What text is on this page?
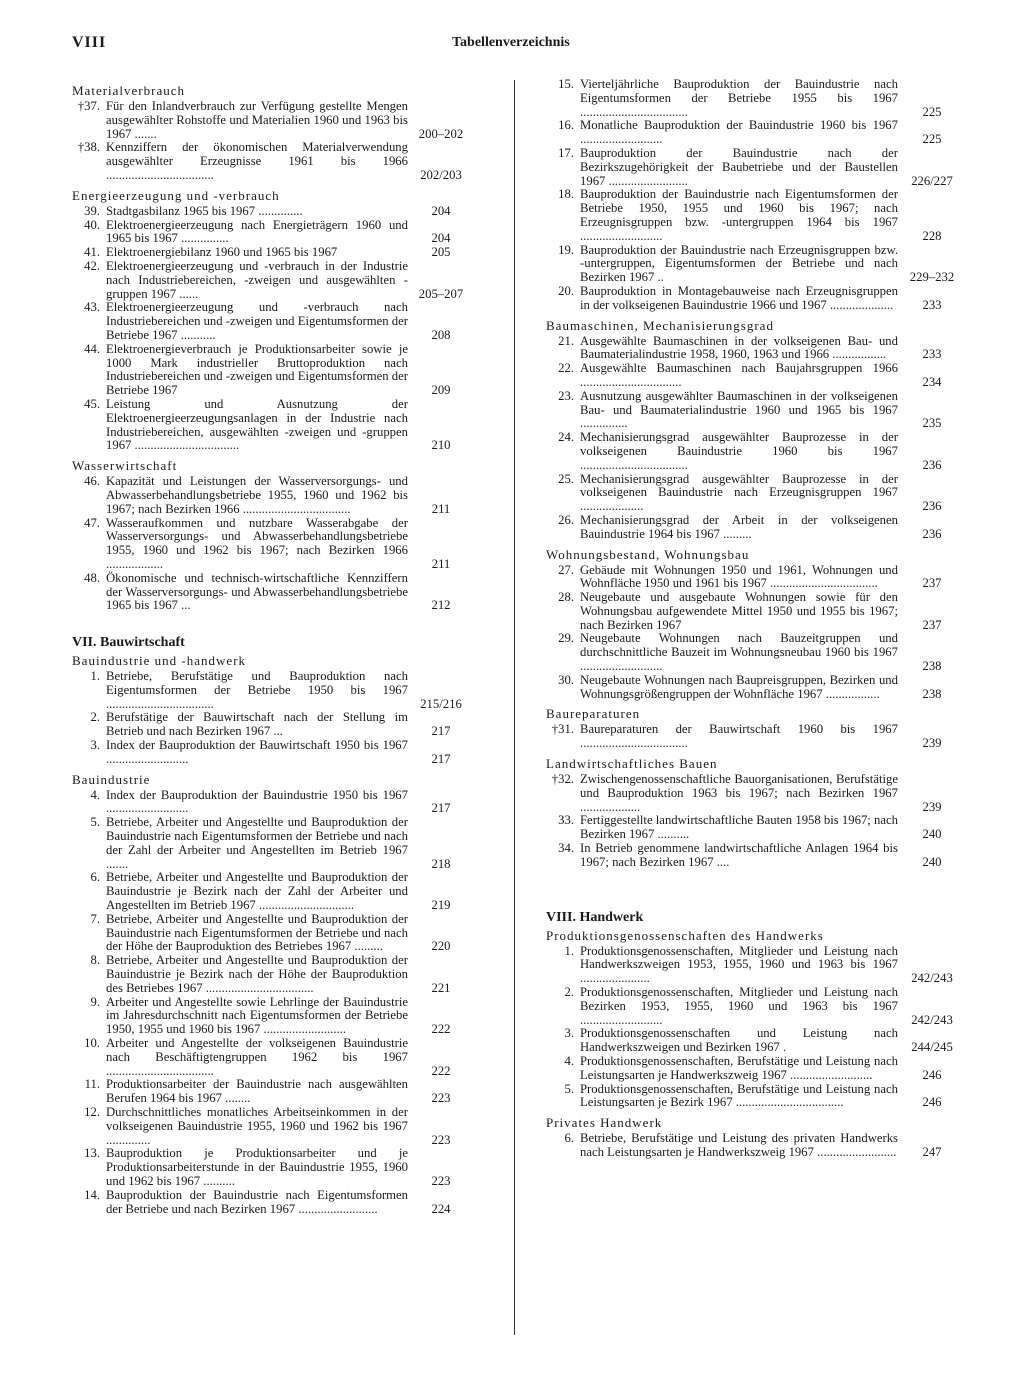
VIII	Tabellenverzeichnis
Materialverbrauch
†37. Für den Inlandverbrauch zur Verfügung gestellte Mengen ausgewählter Rohstoffe und Materialien 1960 und 1963 bis 1967 .......	200–202
†38. Kennziffern der ökonomischen Materialverwendung ausgewählter Erzeugnisse 1961 bis 1966 ..................................	202/203
Energieerzeugung und -verbrauch
39. Stadtgasbilanz 1965 bis 1967 ..............	204
40. Elektroenergieerzeugung nach Energieträgern 1960 und 1965 bis 1967 ...............	204
41. Elektroenergiebilanz 1960 und 1965 bis 1967	205
42. Elektroenergieerzeugung und -verbrauch in der Industrie nach Industriebereichen, -zweigen und ausgewählten -gruppen 1967 ......	205–207
43. Elektroenergieerzeugung und -verbrauch nach Industriebereichen und -zweigen und Eigentumsformen der Betriebe 1967 ...........	208
44. Elektroenergieverbrauch je Produktionsarbeiter sowie je 1000 Mark industrieller Bruttoproduktion nach Industriebereichen und -zweigen und Eigentumsformen der Betriebe 1967	209
45. Leistung und Ausnutzung der Elektroenergieerzeugungsanlagen in der Industrie nach Industriebereichen, ausgewählten -zweigen und -gruppen 1967 .................................	210
Wasserwirtschaft
46. Kapazität und Leistungen der Wasserversorgungs- und Abwasserbehandlungsbetriebe 1955, 1960 und 1962 bis 1967; nach Bezirken 1966 ..................................	211
47. Wasseraufkommen und nutzbare Wasserabgabe der Wasserversorgungs- und Abwasserbehandlungsbetriebe 1955, 1960 und 1962 bis 1967; nach Bezirken 1966 ..................	211
48. Ökonomische und technisch-wirtschaftliche Kennziffern der Wasserversorgungs- und Abwasserbehandlungsbetriebe 1965 bis 1967 ...	212
VII. Bauwirtschaft
Bauindustrie und -handwerk
1. Betriebe, Berufstätige und Bauproduktion nach Eigentumsformen der Betriebe 1950 bis 1967 ..................................	215/216
2. Berufstätige der Bauwirtschaft nach der Stellung im Betrieb und nach Bezirken 1967 ...	217
3. Index der Bauproduktion der Bauwirtschaft 1950 bis 1967 ..........................	217
Bauindustrie
4. Index der Bauproduktion der Bauindustrie 1950 bis 1967 ..........................	217
5. Betriebe, Arbeiter und Angestellte und Bauproduktion der Bauindustrie nach Eigentumsformen der Betriebe und nach der Zahl der Arbeiter und Angestellten im Betrieb 1967 .......	218
6. Betriebe, Arbeiter und Angestellte und Bauproduktion der Bauindustrie je Bezirk nach der Zahl der Arbeiter und Angestellten im Betrieb 1967 ..............................	219
7. Betriebe, Arbeiter und Angestellte und Bauproduktion der Bauindustrie nach Eigentumsformen der Betriebe und nach der Höhe der Bauproduktion des Betriebes 1967 .........	220
8. Betriebe, Arbeiter und Angestellte und Bauproduktion der Bauindustrie je Bezirk nach der Höhe der Bauproduktion des Betriebes 1967 ..................................	221
9. Arbeiter und Angestellte sowie Lehrlinge der Bauindustrie im Jahresdurchschnitt nach Eigentumsformen der Betriebe 1950, 1955 und 1960 bis 1967 ..........................	222
10. Arbeiter und Angestellte der volkseigenen Bauindustrie nach Beschäftigtengruppen 1962 bis 1967 ..................................	222
11. Produktionsarbeiter der Bauindustrie nach ausgewählten Berufen 1964 bis 1967 ........	223
12. Durchschnittliches monatliches Arbeitseinkommen in der volkseigenen Bauindustrie 1955, 1960 und 1962 bis 1967 ..............	223
13. Bauproduktion je Produktionsarbeiter und je Produktionsarbeiterstunde in der Bauindustrie 1955, 1960 und 1962 bis 1967 ..........	223
14. Bauproduktion der Bauindustrie nach Eigentumsformen der Betriebe und nach Bezirken 1967 .........................	224
15. Vierteljährliche Bauproduktion der Bauindustrie nach Eigentumsformen der Betriebe 1955 bis 1967 ..................................	225
16. Monatliche Bauproduktion der Bauindustrie 1960 bis 1967 ..........................	225
17. Bauproduktion der Bauindustrie nach der Bezirkszugehörigkeit der Baubetriebe und der Baustellen 1967 .........................	226/227
18. Bauproduktion der Bauindustrie nach Eigentumsformen der Betriebe 1950, 1955 und 1960 bis 1967; nach Erzeugnisgruppen bzw. -untergruppen 1964 bis 1967 ..........................	228
19. Bauproduktion der Bauindustrie nach Erzeugnisgruppen bzw. -untergruppen, Eigentumsformen der Betriebe und nach Bezirken 1967 ..	229–232
20. Bauproduktion in Montagebauweise nach Erzeugnisgruppen in der volkseigenen Bauindustrie 1966 und 1967 ....................	233
Baumaschinen, Mechanisierungsgrad
21. Ausgewählte Baumaschinen in der volkseigenen Bau- und Baumaterialindustrie 1958, 1960, 1963 und 1966 .................	233
22. Ausgewählte Baumaschinen nach Baujahrsgruppen 1966 ................................	234
23. Ausnutzung ausgewählter Baumaschinen in der volkseigenen Bau- und Baumaterialindustrie 1960 und 1965 bis 1967 ...............	235
24. Mechanisierungsgrad ausgewählter Bauprozesse in der volkseigenen Bauindustrie 1960 bis 1967 ..................................	236
25. Mechanisierungsgrad ausgewählter Bauprozesse in der volkseigenen Bauindustrie nach Erzeugnisgruppen 1967 ....................	236
26. Mechanisierungsgrad der Arbeit in der volkseigenen Bauindustrie 1964 bis 1967 .........	236
Wohnungsbestand, Wohnungsbau
27. Gebäude mit Wohnungen 1950 und 1961, Wohnungen und Wohnfläche 1950 und 1961 bis 1967 ..................................	237
28. Neugebaute und ausgebaute Wohnungen sowie für den Wohnungsbau aufgewendete Mittel 1950 und 1955 bis 1967; nach Bezirken 1967	237
29. Neugebaute Wohnungen nach Bauzeitgruppen und durchschnittliche Bauzeit im Wohnungsneubau 1960 bis 1967 ..........................	238
30. Neugebaute Wohnungen nach Baupreisgruppen, Bezirken und Wohnungsgrößengruppen der Wohnfläche 1967 .................	238
Baureparaturen
†31. Baureparaturen der Bauwirtschaft 1960 bis 1967 ..................................	239
Landwirtschaftliches Bauen
†32. Zwischengenossenschaftliche Bauorganisationen, Berufstätige und Bauproduktion 1963 bis 1967; nach Bezirken 1967 ...................	239
33. Fertiggestellte landwirtschaftliche Bauten 1958 bis 1967; nach Bezirken 1967 ..........	240
34. In Betrieb genommene landwirtschaftliche Anlagen 1964 bis 1967; nach Bezirken 1967 ....	240
VIII. Handwerk
Produktionsgenossenschaften des Handwerks
1. Produktionsgenossenschaften, Mitglieder und Leistung nach Handwerkszweigen 1953, 1955, 1960 und 1963 bis 1967 ......................	242/243
2. Produktionsgenossenschaften, Mitglieder und Leistung nach Bezirken 1953, 1955, 1960 und 1963 bis 1967 ..........................	242/243
3. Produktionsgenossenschaften und Leistung nach Handwerkszweigen und Bezirken 1967 .	244/245
4. Produktionsgenossenschaften, Berufstätige und Leistung nach Leistungsarten je Handwerkszweig 1967 ..........................	246
5. Produktionsgenossenschaften, Berufstätige und Leistung nach Leistungsarten je Bezirk 1967 ..................................	246
Privates Handwerk
6. Betriebe, Berufstätige und Leistung des privaten Handwerks nach Leistungsarten je Handwerkszweig 1967 .........................	247
